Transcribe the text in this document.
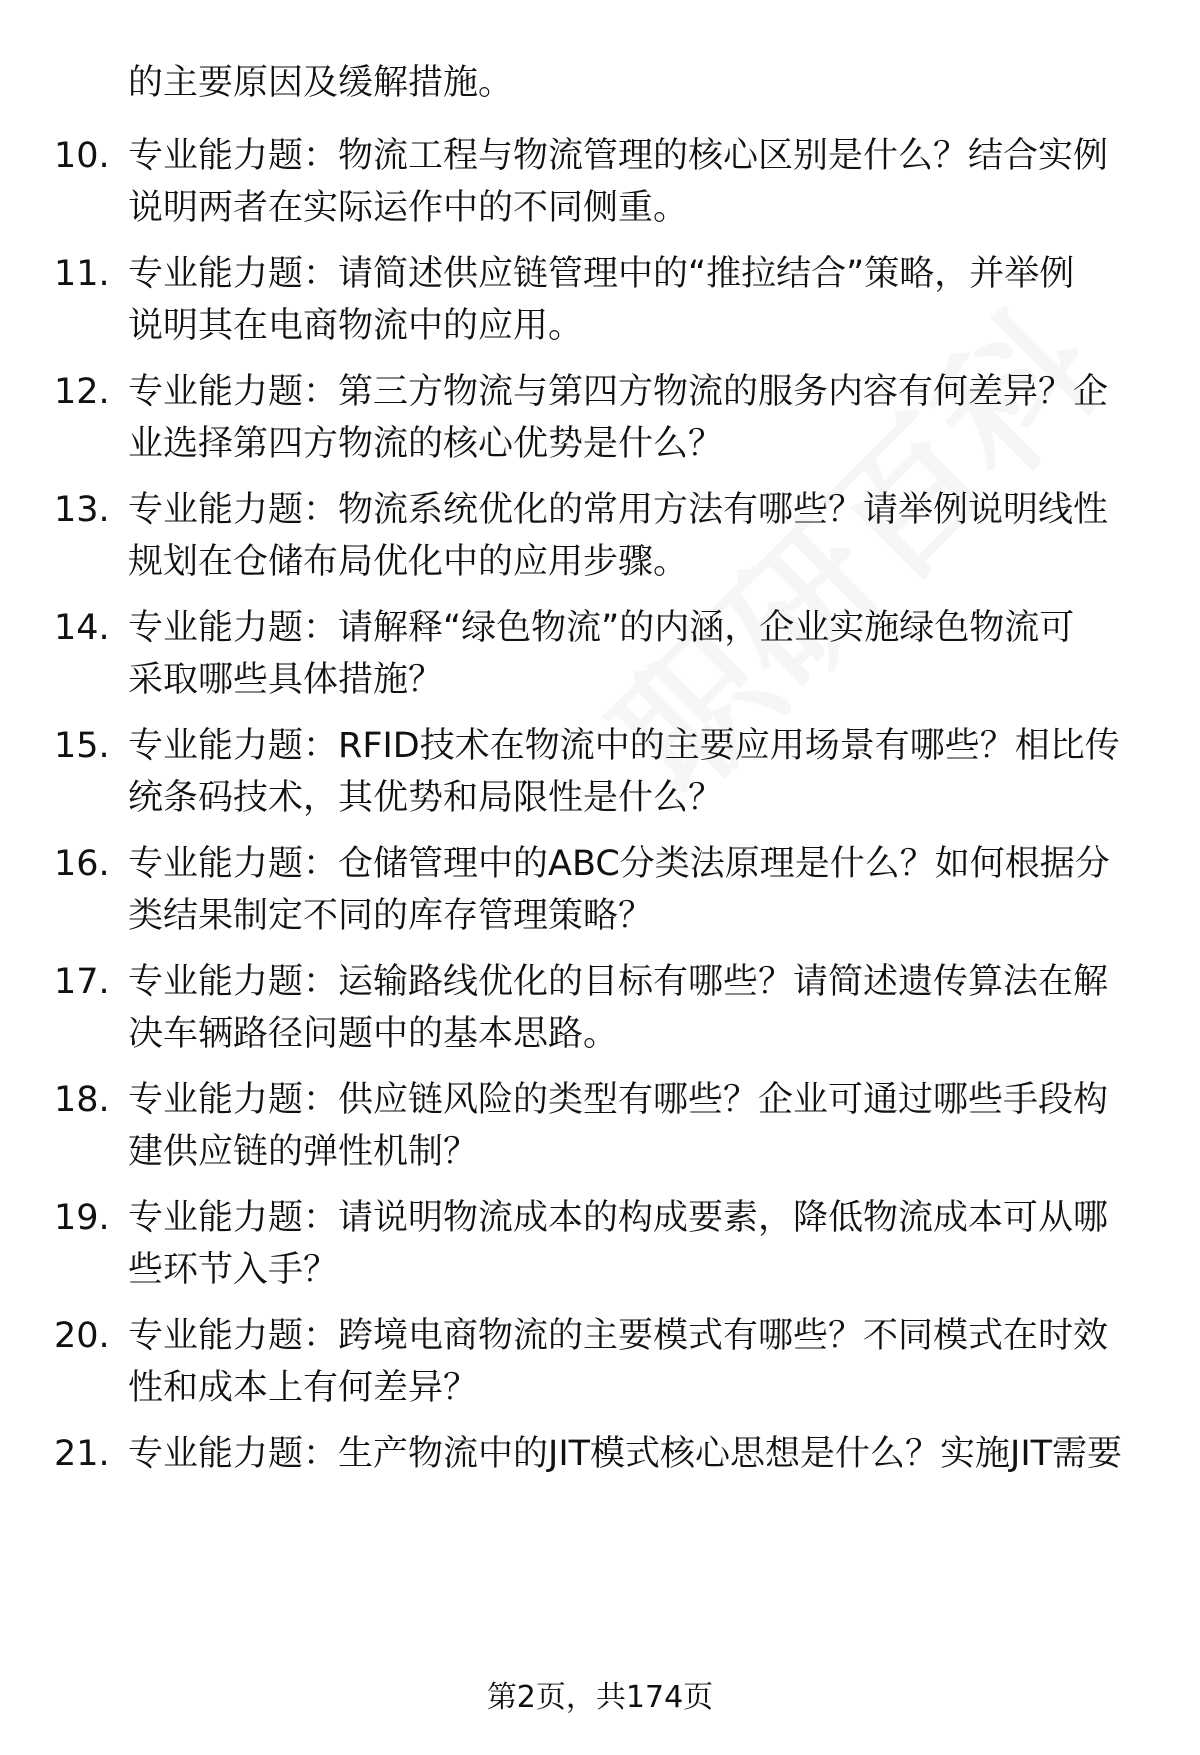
的主要原因及缓解措施。
10. 专业能力题：物流工程与物流管理的核心区别是什么？结合实例
说明两者在实际运作中的不同侧重。
11. 专业能力题：请简述供应链管理中的“推拉结合”策略，并举例
说明其在电商物流中的应用。
12. 专业能力题：第三方物流与第四方物流的服务内容有何差异？企
业选择第四方物流的核心优势是什么？
13. 专业能力题：物流系统优化的常用方法有哪些？请举例说明线性
规划在仓储布局优化中的应用步骤。
14. 专业能力题：请解释“绿色物流”的内涵，企业实施绿色物流可
采取哪些具体措施？
15. 专业能力题：RFID技术在物流中的主要应用场景有哪些？相比传
统条码技术，其优势和局限性是什么？
16. 专业能力题：仓储管理中的ABC分类法原理是什么？如何根据分
类结果制定不同的库存管理策略？
17. 专业能力题：运输路线优化的目标有哪些？请简述遗传算法在解
决车辆路径问题中的基本思路。
18. 专业能力题：供应链风险的类型有哪些？企业可通过哪些手段构
建供应链的弹性机制？
19. 专业能力题：请说明物流成本的构成要素，降低物流成本可从哪
些环节入手？
20. 专业能力题：跨境电商物流的主要模式有哪些？不同模式在时效
性和成本上有何差异？
21. 专业能力题：生产物流中的JIT模式核心思想是什么？实施JIT需要
第2页，共174页
